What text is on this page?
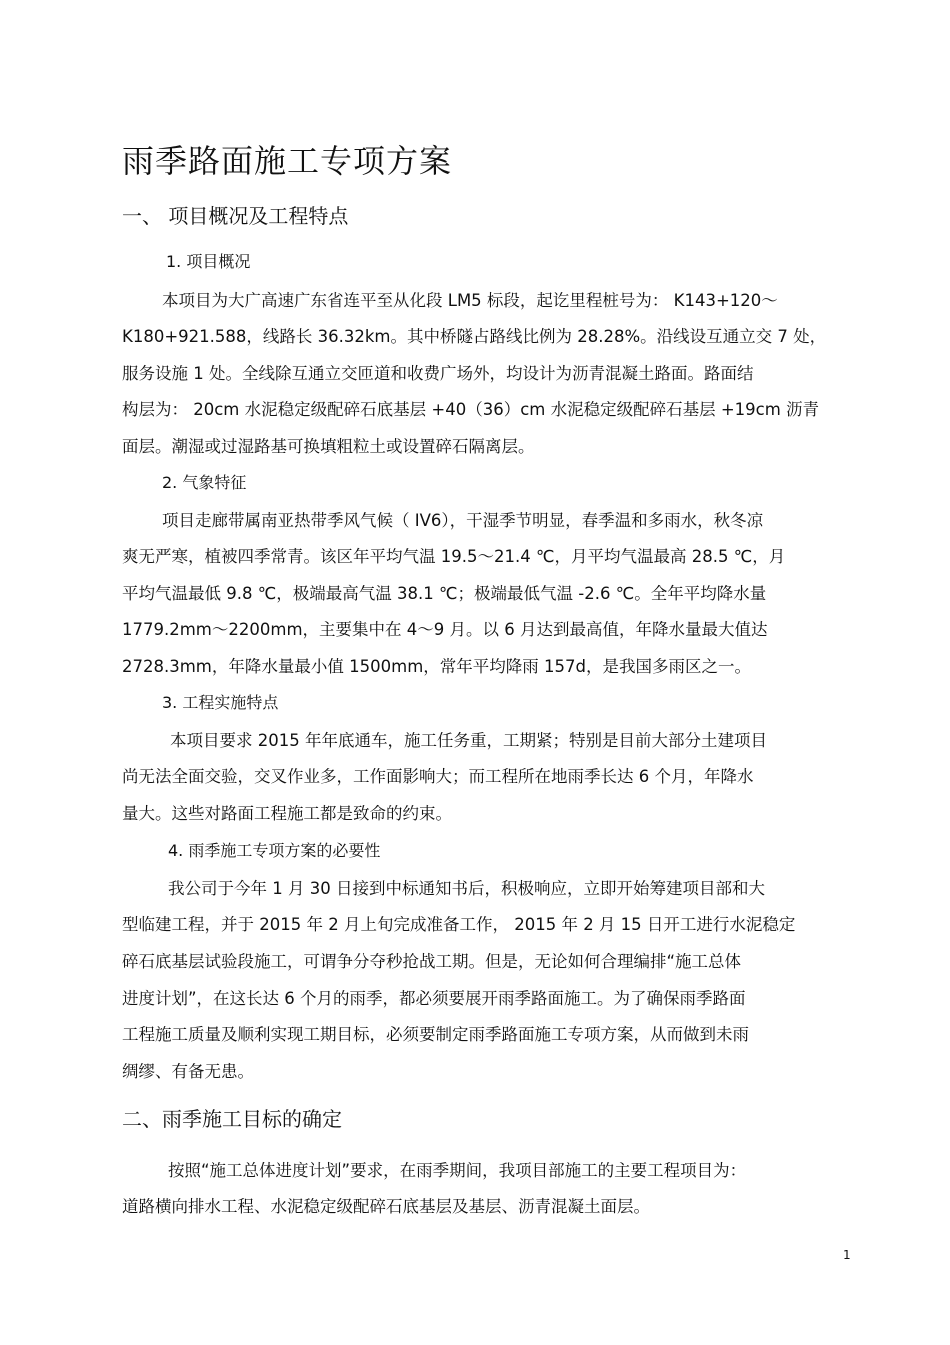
雨季路面施工专项方案
一、 项目概况及工程特点
1. 项目概况
本项目为大广高速广东省连平至从化段 LM5 标段，起讫里程桩号为： K143+120～
K180+921.588，线路长 36.32km。其中桥隧占路线比例为 28.28%。沿线设互通立交 7 处，
服务设施 1 处。全线除互通立交匝道和收费广场外，均设计为沥青混凝土路面。路面结
构层为： 20cm 水泥稳定级配碎石底基层 +40（36）cm 水泥稳定级配碎石基层 +19cm 沥青
面层。潮湿或过湿路基可换填粗粒土或设置碎石隔离层。
2. 气象特征
项目走廊带属南亚热带季风气候（ IV6），干湿季节明显，春季温和多雨水，秋冬凉
爽无严寒，植被四季常青。该区年平均气温 19.5～21.4 ℃，月平均气温最高 28.5 ℃，月
平均气温最低 9.8 ℃，极端最高气温 38.1 ℃；极端最低气温 -2.6 ℃。全年平均降水量
1779.2mm～2200mm，主要集中在 4～9 月。以 6 月达到最高值，年降水量最大值达
2728.3mm，年降水量最小值 1500mm，常年平均降雨 157d，是我国多雨区之一。
3. 工程实施特点
本项目要求 2015 年年底通车，施工任务重，工期紧；特别是目前大部分土建项目
尚无法全面交验，交叉作业多，工作面影响大；而工程所在地雨季长达 6 个月，年降水
量大。这些对路面工程施工都是致命的约束。
4. 雨季施工专项方案的必要性
我公司于今年 1 月 30 日接到中标通知书后，积极响应，立即开始筹建项目部和大
型临建工程，并于 2015 年 2 月上旬完成准备工作， 2015 年 2 月 15 日开工进行水泥稳定
碎石底基层试验段施工，可谓争分夺秒抢战工期。但是，无论如何合理编排“施工总体
进度计划”，在这长达 6 个月的雨季，都必须要展开雨季路面施工。为了确保雨季路面
工程施工质量及顺利实现工期目标，必须要制定雨季路面施工专项方案，从而做到未雨
绸缪、有备无患。
二、雨季施工目标的确定
按照“施工总体进度计划”要求，在雨季期间，我项目部施工的主要工程项目为：
道路横向排水工程、水泥稳定级配碎石底基层及基层、沥青混凝土面层。
1
